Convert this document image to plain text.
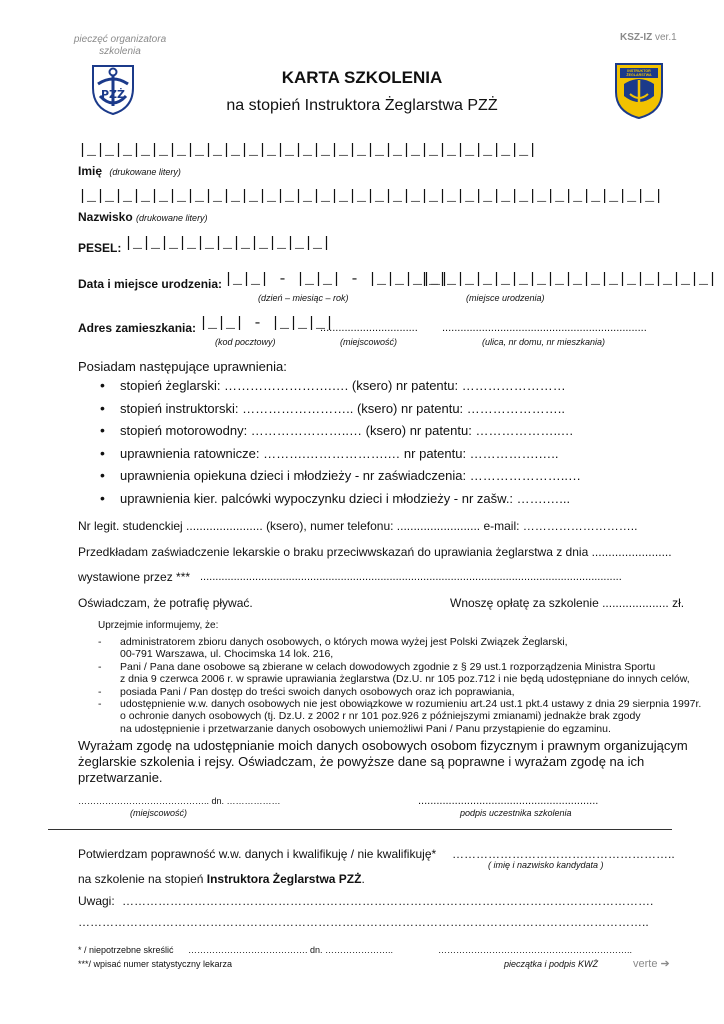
pieczęć organizatora szkolenia
KSZ-IZ ver.1
PZŻ
INSTRUKTOR ŻEGLARSTWA
KARTA SZKOLENIA
na stopień Instruktora Żeglarstwa PZŻ
|_|_|_|_|_|_|_|_|_|_|_|_|_|_|_|_|_|_|_|_|_|_|_|_|_|
Imię (drukowane litery)
|_|_|_|_|_|_|_|_|_|_|_|_|_|_|_|_|_|_|_|_|_|_|_|_|_|_|_|_|_|_|_|_|
Nazwisko (drukowane litery)
PESEL: |_|_|_|_|_|_|_|_|_|_|_|
Data i miejsce urodzenia: |_|_| - |_|_| - |_|_|_|_|
|_|_|_|_|_|_|_|_|_|_|_|_|_|_|_|_|
(dzień – miesiąc – rok)	(miejsce urodzenia)
Adres zamieszkania: |_|_| - |_|_|_|
................................ ...................................................................
(kod pocztowy)	(miejscowość)	(ulica, nr domu, nr mieszkania)
Posiadam następujące uprawnienia:
• stopień żeglarski: …………………….…. (ksero) nr patentu: ……………………
• stopień instruktorski: …………………….. (ksero) nr patentu: …………………..
• stopień motorowodny: …………………..… (ksero) nr patentu: ………………..…
• uprawnienia ratownicze: ……….……………….… nr patentu: …………….…..
• uprawnienia opiekuna dzieci i młodzieży - nr zaświadczenia: …………………..…
• uprawnienia kier. palcówki wypoczynku dzieci i młodzieży - nr zašw.: …….…...
Nr legit. studenckiej ....................... (ksero), numer telefonu: ......................... e-mail: ………………………..
Przedkładam zaświadczenie lekarskie o braku przeciwwskazań do uprawiania żeglarstwa z dnia ........................
wystawione przez *** ..........................................................................................................................................
Oświadczam, że potrafię pływać.	Wnoszę opłatę za szkolenie .................... zł.
Uprzejmie informujemy, że:
- administratorem zbioru danych osobowych, o których mowa wyżej jest Polski Związek Żeglarski,
00-791 Warszawa, ul. Chocimska 14 lok. 216,
- Pani / Pana dane osobowe są zbierane w celach dowodowych zgodnie z § 29 ust.1 rozporządzenia Ministra Sportu
z dnia 9 czerwca 2006 r. w sprawie uprawiania żeglarstwa (Dz.U. nr 105 poz.712 i nie będą udostępniane do innych celów,
- posiada Pani / Pan dostęp do treści swoich danych osobowych oraz ich poprawiania,
- udostępnienie w.w. danych osobowych nie jest obowiązkowe w rozumieniu art.24 ust.1 pkt.4 ustawy z dnia 29 sierpnia 1997r.
o ochronie danych osobowych (tj. Dz.U. z 2002 r nr 101 poz.926 z późniejszymi zmianami) jednakże brak zgody
na udostępnienie i przetwarzanie danych osobowych uniemożliwi Pani / Panu przystąpienie do egzaminu.
Wyrażam zgodę na udostępnianie moich danych osobowych osobom fizycznym i prawnym organizującym
żeglarskie szkolenia i rejsy. Oświadczam, że powyższe dane są poprawne i wyrażam zgodę na ich
przetwarzanie.
…………………………………….. dn. ………………
(miejscowość)
...........................................................
podpis uczestnika szkolenia
Potwierdzam poprawność w.w. danych i kwalifikuję / nie kwalifikuję* ………………………………………………..
( imię i nazwisko kandydata )
na szkolenie na stopień Instruktora Żeglarstwa PZŻ.
Uwagi: …………………………………………………………………………………………………………………….
……………………………………………………………………………………………………………………………..
* / niepotrzebne skreślić …………………………………. dn. …………………..	………………………………………………………..
***/ wpisać numer statystyczny lekarza	pieczątka i podpis KWŻ	verte ➔
